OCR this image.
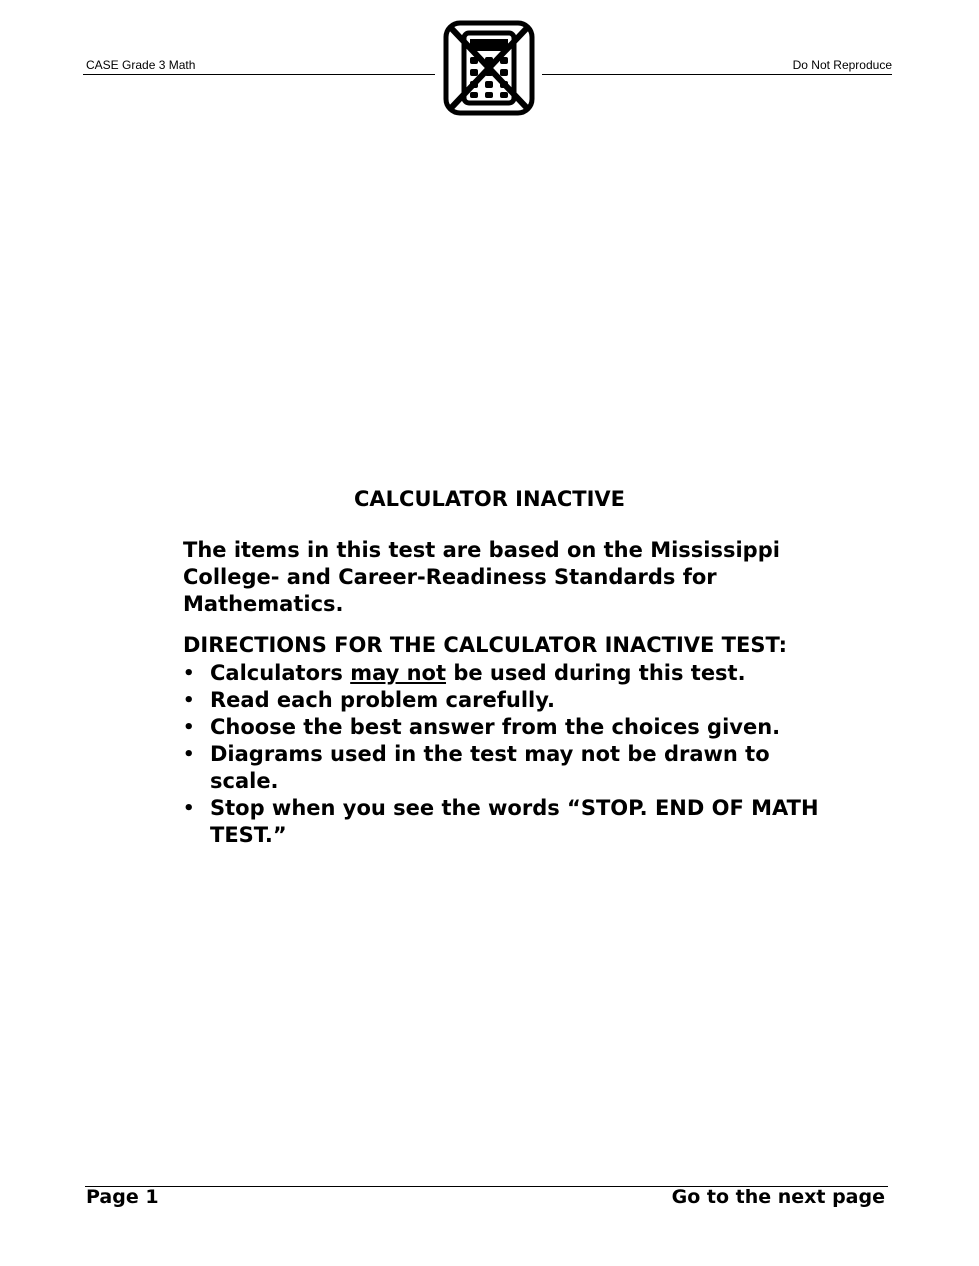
CASE Grade 3 Math	Do Not Reproduce
CALCULATOR INACTIVE
The items in this test are based on the Mississippi College- and Career-Readiness Standards for Mathematics.
DIRECTIONS FOR THE CALCULATOR INACTIVE TEST:
• Calculators may not be used during this test.
• Read each problem carefully.
• Choose the best answer from the choices given.
• Diagrams used in the test may not be drawn to scale.
• Stop when you see the words “STOP. END OF MATH TEST.”
Page 1	Go to the next page
